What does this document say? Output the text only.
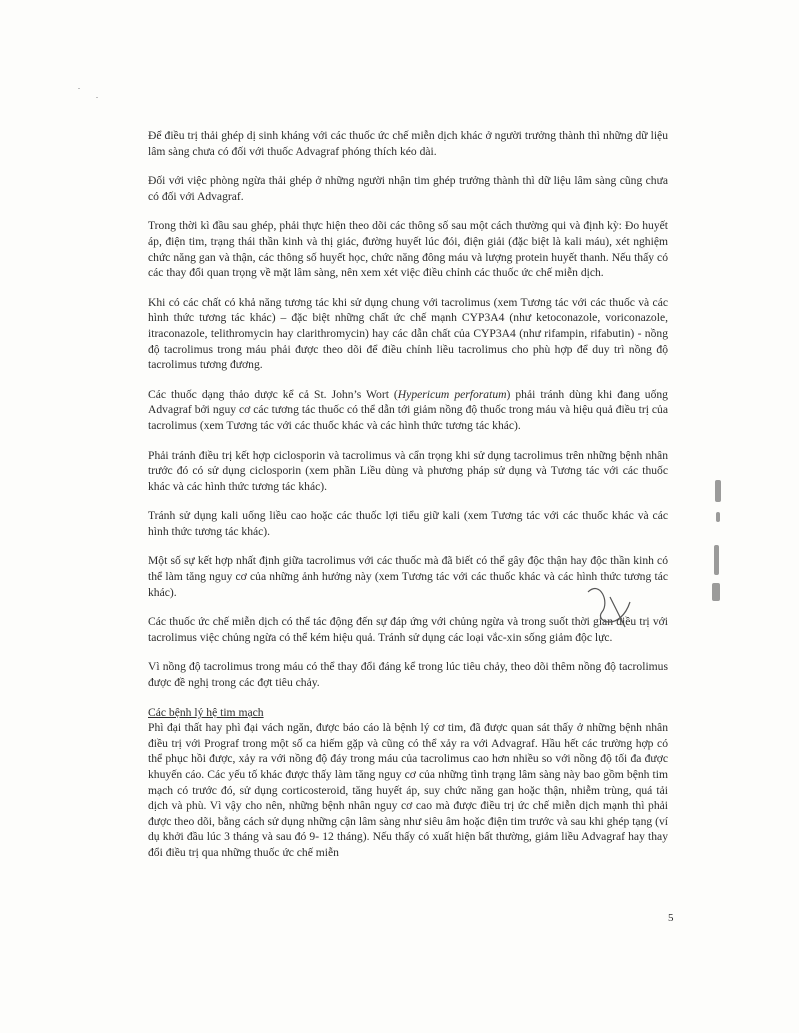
Để điều trị thải ghép dị sinh kháng với các thuốc ức chế miễn dịch khác ở người trưởng thành thì những dữ liệu lâm sàng chưa có đối với thuốc Advagraf phóng thích kéo dài.

Đối với việc phòng ngừa thải ghép ở những người nhận tim ghép trưởng thành thì dữ liệu lâm sàng cũng chưa có đối với Advagraf.

Trong thời kì đầu sau ghép, phải thực hiện theo dõi các thông số sau một cách thường qui và định kỳ: Đo huyết áp, điện tim, trạng thái thần kinh và thị giác, đường huyết lúc đói, điện giải (đặc biệt là kali máu), xét nghiệm chức năng gan và thận, các thông số huyết học, chức năng đông máu và lượng protein huyết thanh. Nếu thấy có các thay đổi quan trọng về mặt lâm sàng, nên xem xét việc điều chỉnh các thuốc ức chế miễn dịch.

Khi có các chất có khả năng tương tác khi sử dụng chung với tacrolimus (xem Tương tác với các thuốc và các hình thức tương tác khác) – đặc biệt những chất ức chế mạnh CYP3A4 (như ketoconazole, voriconazole, itraconazole, telithromycin hay clarithromycin) hay các dẫn chất của CYP3A4 (như rifampin, rifabutin) - nồng độ tacrolimus trong máu phải được theo dõi để điều chỉnh liều tacrolimus cho phù hợp để duy trì nồng độ tacrolimus tương đương.

Các thuốc dạng thảo dược kể cả St. John’s Wort (Hypericum perforatum) phải tránh dùng khi đang uống Advagraf bởi nguy cơ các tương tác thuốc có thể dẫn tới giảm nồng độ thuốc trong máu và hiệu quả điều trị của tacrolimus (xem Tương tác với các thuốc khác và các hình thức tương tác khác).

Phải tránh điều trị kết hợp ciclosporin và tacrolimus và cẩn trọng khi sử dụng tacrolimus trên những bệnh nhân trước đó có sử dụng ciclosporin (xem phần Liều dùng và phương pháp sử dụng và Tương tác với các thuốc khác và các hình thức tương tác khác).

Tránh sử dụng kali uống liều cao hoặc các thuốc lợi tiểu giữ kali (xem Tương tác với các thuốc khác và các hình thức tương tác khác).

Một số sự kết hợp nhất định giữa tacrolimus với các thuốc mà đã biết có thể gây độc thận hay độc thần kinh có thể làm tăng nguy cơ của những ảnh hưởng này (xem Tương tác với các thuốc khác và các hình thức tương tác khác).

Các thuốc ức chế miễn dịch có thể tác động đến sự đáp ứng với chủng ngừa và trong suốt thời gian điều trị với tacrolimus việc chủng ngừa có thể kém hiệu quả. Tránh sử dụng các loại vắc-xin sống giảm độc lực.

Vì nồng độ tacrolimus trong máu có thể thay đổi đáng kể trong lúc tiêu chảy, theo dõi thêm nồng độ tacrolimus được đề nghị trong các đợt tiêu chảy.

Các bệnh lý hệ tim mạch
Phì đại thất hay phì đại vách ngăn, được báo cáo là bệnh lý cơ tim, đã được quan sát thấy ở những bệnh nhân điều trị với Prograf trong một số ca hiếm gặp và cũng có thể xảy ra với Advagraf. Hầu hết các trường hợp có thể phục hồi được, xảy ra với nồng độ đáy trong máu của tacrolimus cao hơn nhiều so với nồng độ tối đa được khuyến cáo. Các yếu tố khác được thấy làm tăng nguy cơ của những tình trạng lâm sàng này bao gồm bệnh tim mạch có trước đó, sử dụng corticosteroid, tăng huyết áp, suy chức năng gan hoặc thận, nhiễm trùng, quá tải dịch và phù. Vì vậy cho nên, những bệnh nhân nguy cơ cao mà được điều trị ức chế miễn dịch mạnh thì phải được theo dõi, bằng cách sử dụng những cận lâm sàng như siêu âm hoặc điện tim trước và sau khi ghép tạng (ví dụ khởi đầu lúc 3 tháng và sau đó 9- 12 tháng). Nếu thấy có xuất hiện bất thường, giảm liều Advagraf hay thay đổi điều trị qua những thuốc ức chế miễn

5
